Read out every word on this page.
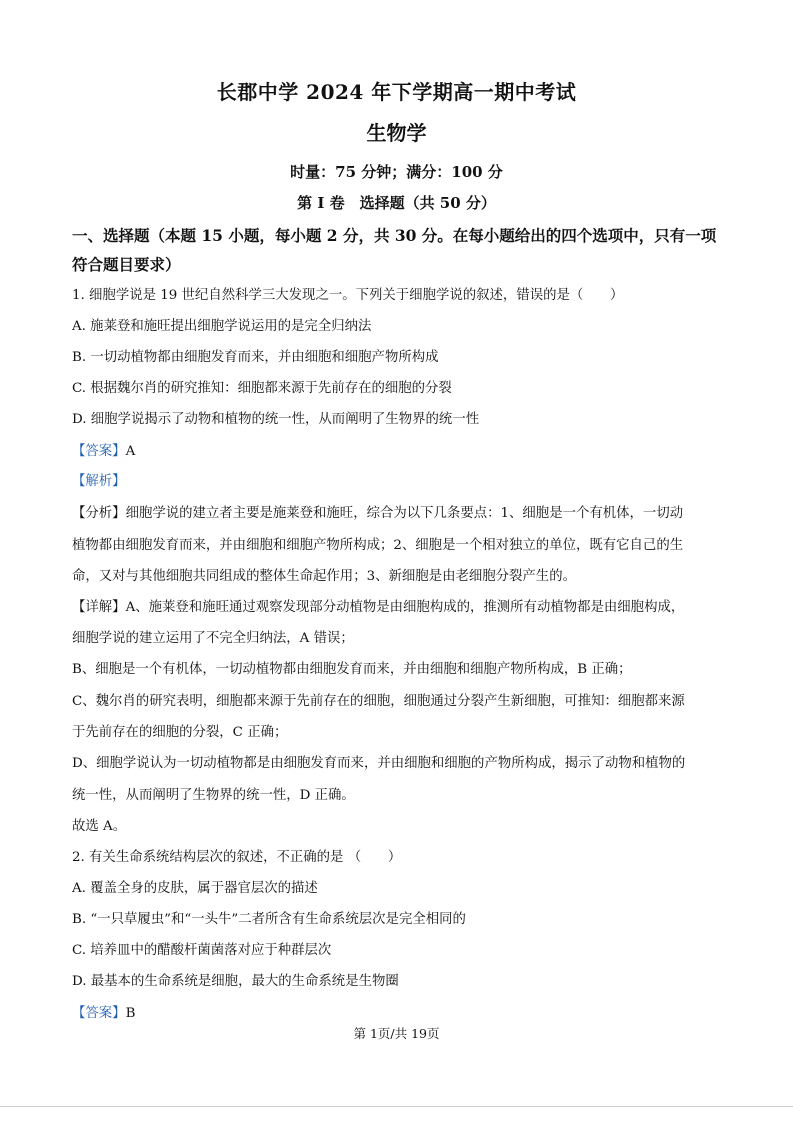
长郡中学 2024 年下学期高一期中考试
生物学
时量：75 分钟；满分：100 分
第 I 卷　选择题（共 50 分）
一、选择题（本题 15 小题，每小题 2 分，共 30 分。在每小题给出的四个选项中，只有一项
符合题目要求）
1. 细胞学说是 19 世纪自然科学三大发现之一。下列关于细胞学说的叙述，错误的是（　　）
A. 施莱登和施旺提出细胞学说运用的是完全归纳法
B. 一切动植物都由细胞发育而来，并由细胞和细胞产物所构成
C. 根据魏尔肖的研究推知：细胞都来源于先前存在的细胞的分裂
D. 细胞学说揭示了动物和植物的统一性，从而阐明了生物界的统一性
【答案】A
【解析】
【分析】细胞学说的建立者主要是施莱登和施旺，综合为以下几条要点：1、细胞是一个有机体，一切动
植物都由细胞发育而来，并由细胞和细胞产物所构成；2、细胞是一个相对独立的单位，既有它自己的生
命，又对与其他细胞共同组成的整体生命起作用；3、新细胞是由老细胞分裂产生的。
【详解】A、施莱登和施旺通过观察发现部分动植物是由细胞构成的，推测所有动植物都是由细胞构成，
细胞学说的建立运用了不完全归纳法，A 错误；
B、细胞是一个有机体，一切动植物都由细胞发育而来，并由细胞和细胞产物所构成，B 正确；
C、魏尔肖的研究表明，细胞都来源于先前存在的细胞，细胞通过分裂产生新细胞，可推知：细胞都来源
于先前存在的细胞的分裂，C 正确；
D、细胞学说认为一切动植物都是由细胞发育而来，并由细胞和细胞的产物所构成，揭示了动物和植物的
统一性，从而阐明了生物界的统一性，D 正确。
故选 A。
2. 有关生命系统结构层次的叙述，不正确的是 （　　）
A. 覆盖全身的皮肤，属于器官层次的描述
B. “一只草履虫”和“一头牛”二者所含有生命系统层次是完全相同的
C. 培养皿中的醋酸杆菌菌落对应于种群层次
D. 最基本的生命系统是细胞，最大的生命系统是生物圈
【答案】B
第 1页/共 19页
